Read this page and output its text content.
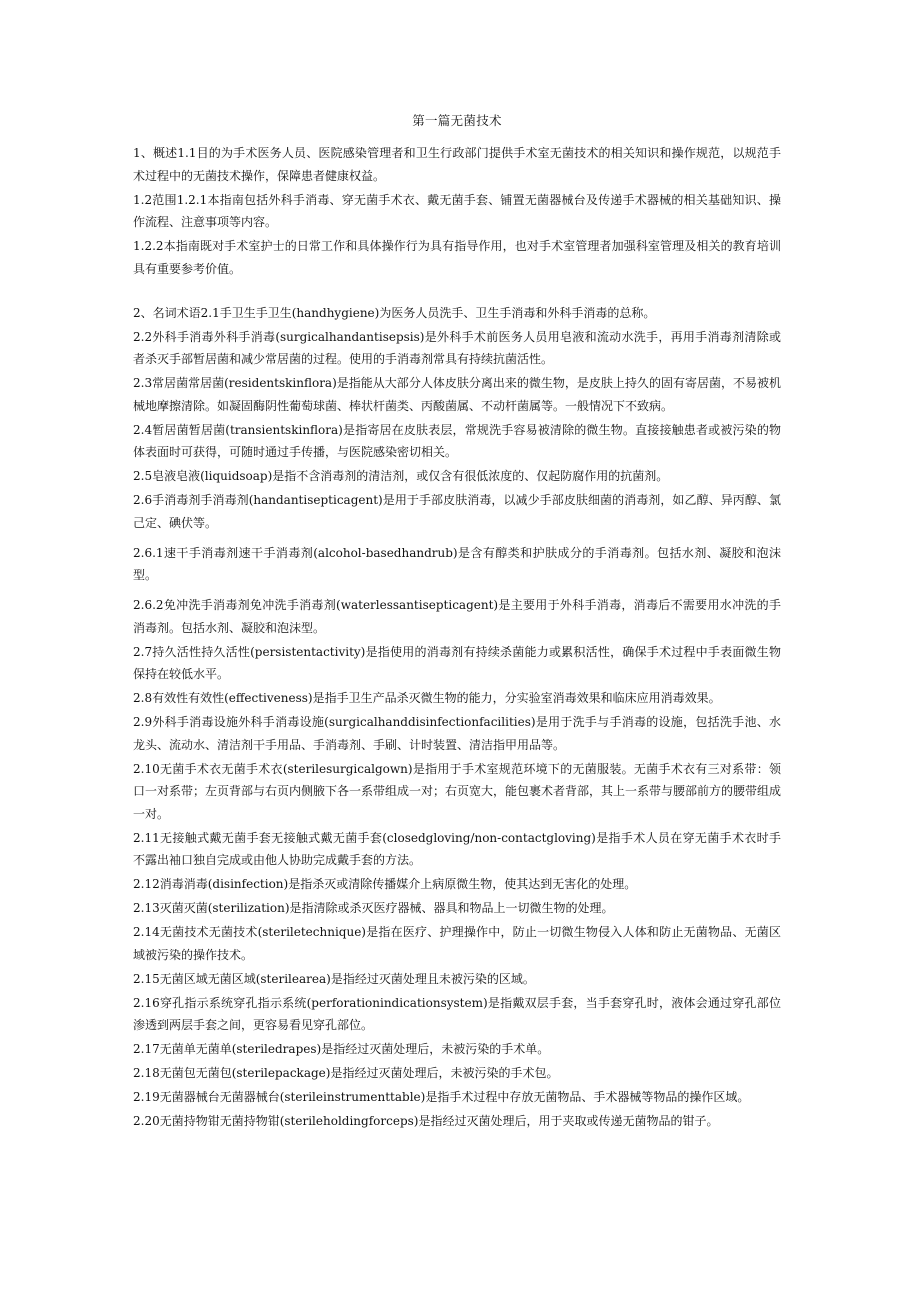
第一篇无菌技术

1、概述1.1目的为手术医务人员、医院感染管理者和卫生行政部门提供手术室无菌技术的相关知识和操作规范，以规范手术过程中的无菌技术操作，保障患者健康权益。

1.2范围1.2.1本指南包括外科手消毒、穿无菌手术衣、戴无菌手套、铺置无菌器械台及传递手术器械的相关基础知识、操作流程、注意事项等内容。

1.2.2本指南既对手术室护士的日常工作和具体操作行为具有指导作用，也对手术室管理者加强科室管理及相关的教育培训具有重要参考价值。

2、名词术语2.1手卫生手卫生(handhygiene)为医务人员洗手、卫生手消毒和外科手消毒的总称。

2.2外科手消毒外科手消毒(surgicalhandantisepsis)是外科手术前医务人员用皂液和流动水洗手，再用手消毒剂清除或者杀灭手部暂居菌和减少常居菌的过程。使用的手消毒剂常具有持续抗菌活性。

2.3常居菌常居菌(residentskinflora)是指能从大部分人体皮肤分离出来的微生物，是皮肤上持久的固有寄居菌，不易被机械地摩擦清除。如凝固酶阴性葡萄球菌、棒状杆菌类、丙酸菌属、不动杆菌属等。一般情况下不致病。

2.4暂居菌暂居菌(transientskinflora)是指寄居在皮肤表层，常规洗手容易被清除的微生物。直接接触患者或被污染的物体表面时可获得，可随时通过手传播，与医院感染密切相关。

2.5皂液皂液(liquidsoap)是指不含消毒剂的清洁剂，或仅含有很低浓度的、仅起防腐作用的抗菌剂。

2.6手消毒剂手消毒剂(handantisepticagent)是用于手部皮肤消毒，以减少手部皮肤细菌的消毒剂，如乙醇、异丙醇、氯己定、碘伏等。

2.6.1速干手消毒剂速干手消毒剂(alcohol-basedhandrub)是含有醇类和护肤成分的手消毒剂。包括水剂、凝胶和泡沫型。

2.6.2免冲洗手消毒剂免冲洗手消毒剂(waterlessantisepticagent)是主要用于外科手消毒，消毒后不需要用水冲洗的手消毒剂。包括水剂、凝胶和泡沫型。

2.7持久活性持久活性(persistentactivity)是指使用的消毒剂有持续杀菌能力或累积活性，确保手术过程中手表面微生物保持在较低水平。

2.8有效性有效性(effectiveness)是指手卫生产品杀灭微生物的能力，分实验室消毒效果和临床应用消毒效果。

2.9外科手消毒设施外科手消毒设施(surgicalhanddisinfectionfacilities)是用于洗手与手消毒的设施，包括洗手池、水龙头、流动水、清洁剂干手用品、手消毒剂、手刷、计时装置、清洁指甲用品等。

2.10无菌手术衣无菌手术衣(sterilesurgicalgown)是指用于手术室规范环境下的无菌服装。无菌手术衣有三对系带：领口一对系带；左页背部与右页内侧腋下各一系带组成一对；右页宽大，能包裹术者背部，其上一系带与腰部前方的腰带组成一对。

2.11无接触式戴无菌手套无接触式戴无菌手套(closedgloving/non-contactgloving)是指手术人员在穿无菌手术衣时手不露出袖口独自完成或由他人协助完成戴手套的方法。

2.12消毒消毒(disinfection)是指杀灭或清除传播媒介上病原微生物，使其达到无害化的处理。

2.13灭菌灭菌(sterilization)是指清除或杀灭医疗器械、器具和物品上一切微生物的处理。

2.14无菌技术无菌技术(steriletechnique)是指在医疗、护理操作中，防止一切微生物侵入人体和防止无菌物品、无菌区域被污染的操作技术。

2.15无菌区域无菌区域(sterilearea)是指经过灭菌处理且未被污染的区域。

2.16穿孔指示系统穿孔指示系统(perforationindicationsystem)是指戴双层手套，当手套穿孔时，液体会通过穿孔部位渗透到两层手套之间，更容易看见穿孔部位。

2.17无菌单无菌单(steriledrapes)是指经过灭菌处理后，未被污染的手术单。

2.18无菌包无菌包(sterilepackage)是指经过灭菌处理后，未被污染的手术包。

2.19无菌器械台无菌器械台(sterileinstrumenttable)是指手术过程中存放无菌物品、手术器械等物品的操作区域。

2.20无菌持物钳无菌持物钳(sterileholdingforceps)是指经过灭菌处理后，用于夹取或传递无菌物品的钳子。
